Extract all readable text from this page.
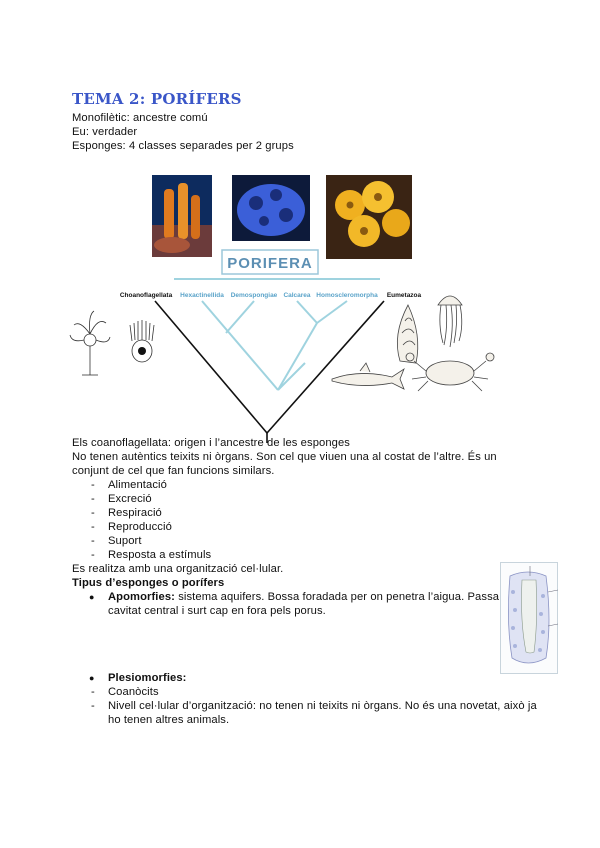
TEMA 2: PORÍFERS
Monofilètic: ancestre comú
Eu: verdader
Esponges: 4 classes separades per 2 grups
PORIFERA
Choanoflagellata Hexactinellida Demospongiae Calcarea Homoscleromorpha Eumetazoa
Els coanoflagellata: origen i l’ancestre de les esponges
No tenen autèntics teixits ni òrgans. Son cel que viuen una al costat de l’altre. És un conjunt de cel que fan funcions similars.
- Alimentació
- Excreció
- Respiració
- Reproducció
- Suport
- Resposta a estímuls
Es realitza amb una organització cel·lular.
Tipus d’esponges o porífers
● Apomorfies: sistema aquifers. Bossa foradada per on penetra l’aigua. Passa cavitat central i surt cap en fora pels porus.
● Plesiomorfies:
- Coanòcits
- Nivell cel·lular d’organització: no tenen ni teixits ni òrgans. No és una novetat, això ja ho tenen altres animals.
